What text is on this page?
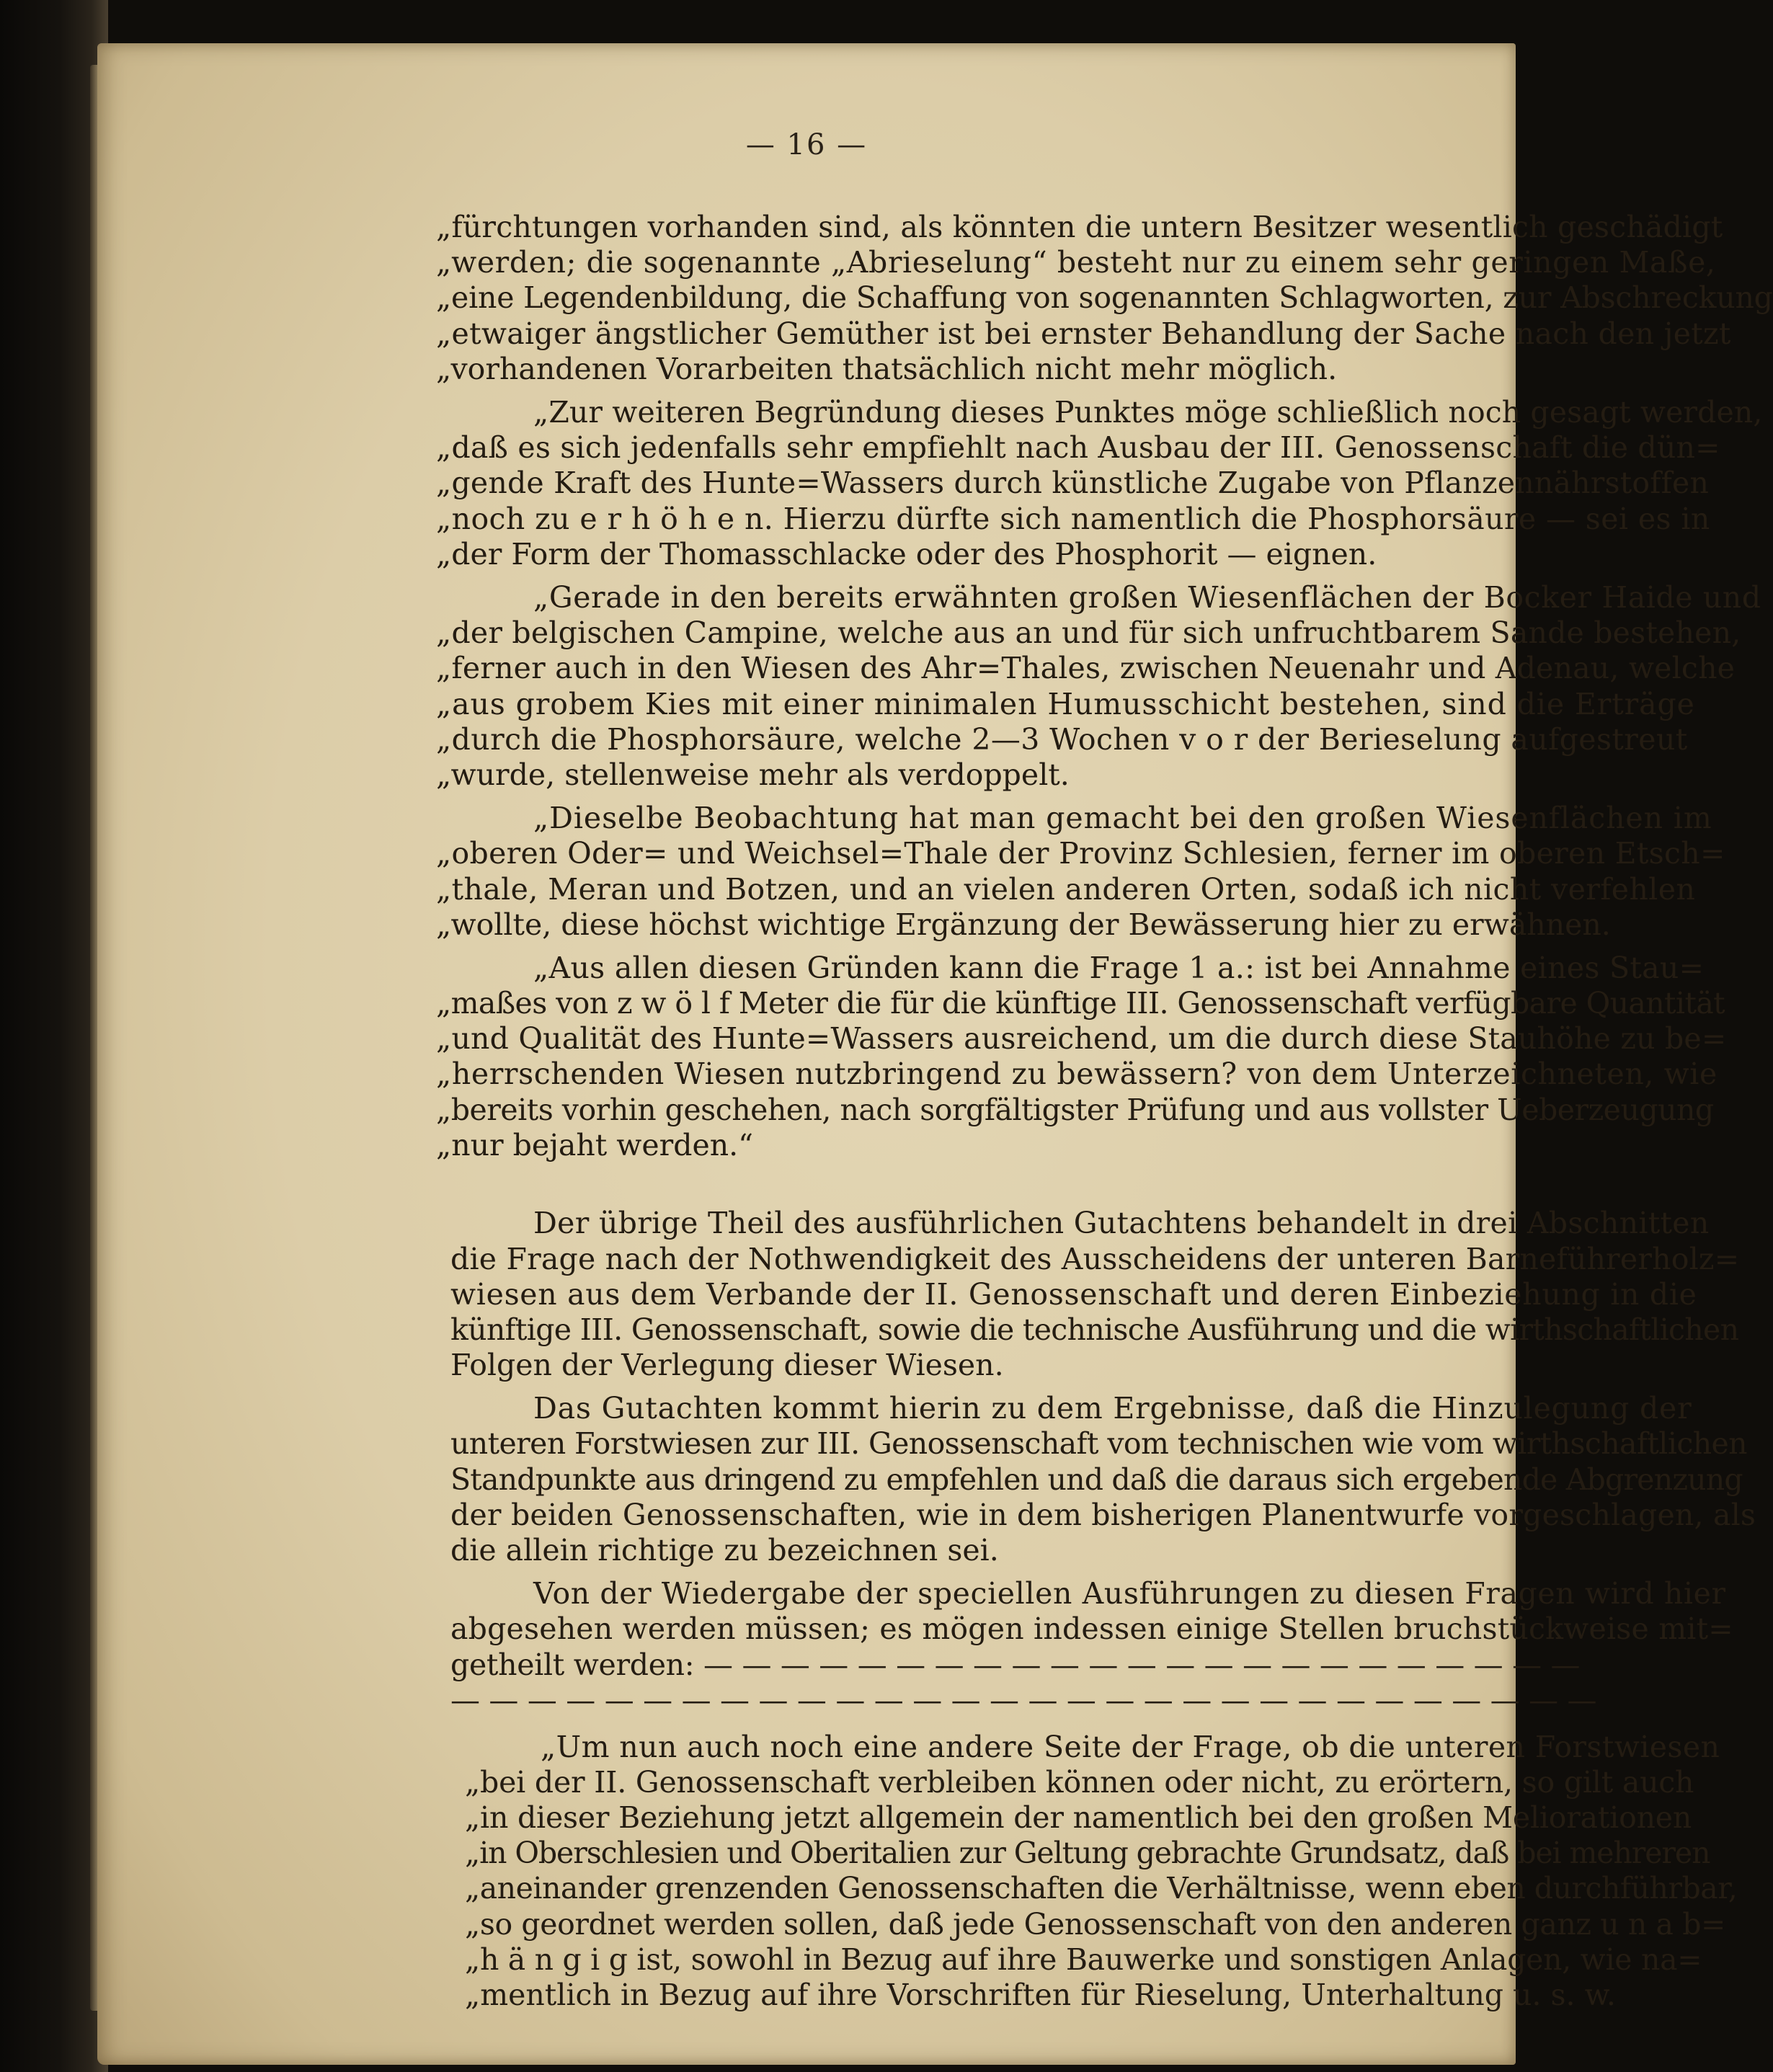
— 16 —
„fürchtungen vorhanden sind, als könnten die untern Besitzer wesentlich geschädigt
„werden; die sogenannte „Abrieselung“ besteht nur zu einem sehr geringen Maße,
„eine Legendenbildung, die Schaffung von sogenannten Schlagworten, zur Abschreckung
„etwaiger ängstlicher Gemüther ist bei ernster Behandlung der Sache nach den jetzt
„vorhandenen Vorarbeiten thatsächlich nicht mehr möglich.
„Zur weiteren Begründung dieses Punktes möge schließlich noch gesagt werden,
„daß es sich jedenfalls sehr empfiehlt nach Ausbau der III. Genossenschaft die dün=
„gende Kraft des Hunte=Wassers durch künstliche Zugabe von Pflanzennährstoffen
„noch zu e r h ö h e n. Hierzu dürfte sich namentlich die Phosphorsäure — sei es in
„der Form der Thomasschlacke oder des Phosphorit — eignen.
„Gerade in den bereits erwähnten großen Wiesenflächen der Bocker Haide und
„der belgischen Campine, welche aus an und für sich unfruchtbarem Sande bestehen,
„ferner auch in den Wiesen des Ahr=Thales, zwischen Neuenahr und Adenau, welche
„aus grobem Kies mit einer minimalen Humusschicht bestehen, sind die Erträge
„durch die Phosphorsäure, welche 2—3 Wochen v o r der Berieselung aufgestreut
„wurde, stellenweise mehr als verdoppelt.
„Dieselbe Beobachtung hat man gemacht bei den großen Wiesenflächen im
„oberen Oder= und Weichsel=Thale der Provinz Schlesien, ferner im oberen Etsch=
„thale, Meran und Botzen, und an vielen anderen Orten, sodaß ich nicht verfehlen
„wollte, diese höchst wichtige Ergänzung der Bewässerung hier zu erwähnen.
„Aus allen diesen Gründen kann die Frage 1 a.: ist bei Annahme eines Stau=
„maßes von z w ö l f Meter die für die künftige III. Genossenschaft verfügbare Quantität
„und Qualität des Hunte=Wassers ausreichend, um die durch diese Stauhöhe zu be=
„herrschenden Wiesen nutzbringend zu bewässern? von dem Unterzeichneten, wie
„bereits vorhin geschehen, nach sorgfältigster Prüfung und aus vollster Ueberzeugung
„nur bejaht werden.“
Der übrige Theil des ausführlichen Gutachtens behandelt in drei Abschnitten
die Frage nach der Nothwendigkeit des Ausscheidens der unteren Barneführerholz=
wiesen aus dem Verbande der II. Genossenschaft und deren Einbeziehung in die
künftige III. Genossenschaft, sowie die technische Ausführung und die wirthschaftlichen
Folgen der Verlegung dieser Wiesen.
Das Gutachten kommt hierin zu dem Ergebnisse, daß die Hinzulegung der
unteren Forstwiesen zur III. Genossenschaft vom technischen wie vom wirthschaftlichen
Standpunkte aus dringend zu empfehlen und daß die daraus sich ergebende Abgrenzung
der beiden Genossenschaften, wie in dem bisherigen Planentwurfe vorgeschlagen, als
die allein richtige zu bezeichnen sei.
Von der Wiedergabe der speciellen Ausführungen zu diesen Fragen wird hier
abgesehen werden müssen; es mögen indessen einige Stellen bruchstückweise mit=
getheilt werden: — — — — — — — — — — — — — — — — — — — — — — —
— — — — — — — — — — — — — — — — — — — — — — — — — — — — — —
„Um nun auch noch eine andere Seite der Frage, ob die unteren Forstwiesen
„bei der II. Genossenschaft verbleiben können oder nicht, zu erörtern, so gilt auch
„in dieser Beziehung jetzt allgemein der namentlich bei den großen Meliorationen
„in Oberschlesien und Oberitalien zur Geltung gebrachte Grundsatz, daß bei mehreren
„aneinander grenzenden Genossenschaften die Verhältnisse, wenn eben durchführbar,
„so geordnet werden sollen, daß jede Genossenschaft von den anderen ganz u n a b=
„h ä n g i g ist, sowohl in Bezug auf ihre Bauwerke und sonstigen Anlagen, wie na=
„mentlich in Bezug auf ihre Vorschriften für Rieselung, Unterhaltung u. s. w.
